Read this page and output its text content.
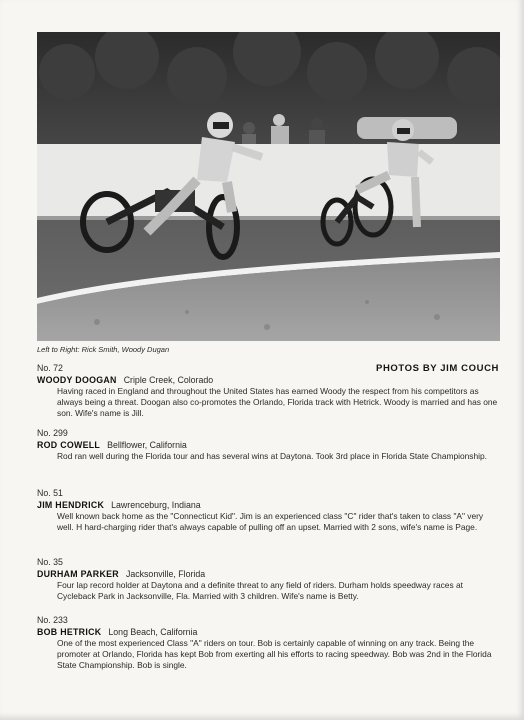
Left to Right: Rick Smith, Woody Dugan
PHOTOS BY JIM COUCH
No. 72
WOODY DOOGAN Criple Creek, Colorado
Having raced in England and throughout the United States has earned Woody the respect from his competitors as always being a threat. Doogan also co-promotes the Orlando, Florida track with Hetrick. Woody is married and has one son. Wife's name is Jill.
No. 299
ROD COWELL Bellflower, California
Rod ran well during the Florida tour and has several wins at Daytona. Took 3rd place in Florida State Championship.
No. 51
JIM HENDRICK Lawrenceburg, Indiana
Well known back home as the "Connecticut Kid". Jim is an experienced class "C" rider that's taken to class "A" very well. H hard-charging rider that's always capable of pulling off an upset. Married with 2 sons, wife's name is Page.
No. 35
DURHAM PARKER Jacksonville, Florida
Four lap record holder at Daytona and a definite threat to any field of riders. Durham holds speedway races at Cycleback Park in Jacksonville, Fla. Married with 3 children. Wife's name is Betty.
No. 233
BOB HETRICK Long Beach, California
One of the most experienced Class "A" riders on tour. Bob is certainly capable of winning on any track. Being the promoter at Orlando, Florida has kept Bob from exerting all his efforts to racing speedway. Bob was 2nd in the Florida State Championship. Bob is single.
